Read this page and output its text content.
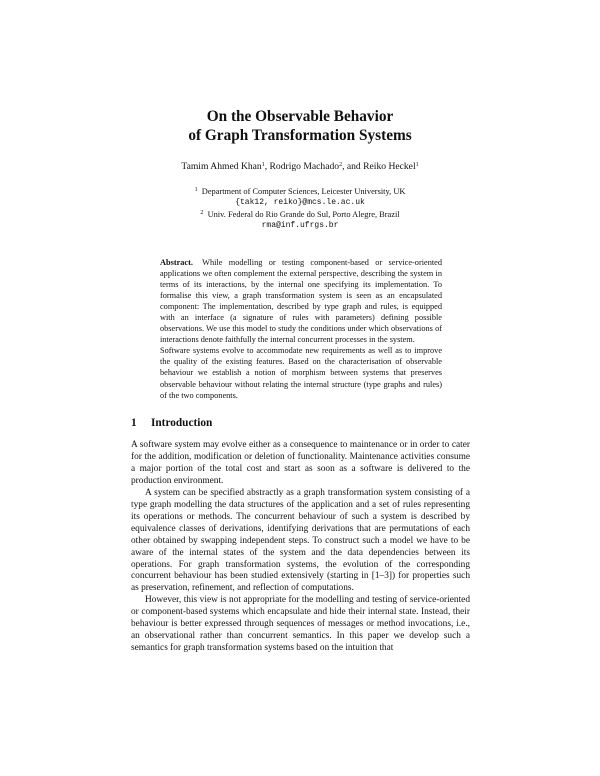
On the Observable Behavior
of Graph Transformation Systems
Tamim Ahmed Khan$^1$, Rodrigo Machado$^2$, and Reiko Heckel$^1$
$^1$ Department of Computer Sciences, Leicester University, UK
{tak12, reiko}@mcs.le.ac.uk
$^2$ Univ. Federal do Rio Grande do Sul, Porto Alegre, Brazil
rma@inf.ufrgs.br

Abstract. While modelling or testing component-based or service-oriented applications we often complement the external perspective, describing the system in terms of its interactions, by the internal one specifying its implementation. To formalise this view, a graph transformation system is seen as an encapsulated component: The implementation, described by type graph and rules, is equipped with an interface (a signature of rules with parameters) defining possible observations. We use this model to study the conditions under which observations of interactions denote faithfully the internal concurrent processes in the system.

Software systems evolve to accommodate new requirements as well as to improve the quality of the existing features. Based on the characterisation of observable behaviour we establish a notion of morphism between systems that preserves observable behaviour without relating the internal structure (type graphs and rules) of the two components.

1 Introduction

A software system may evolve either as a consequence to maintenance or in order to cater for the addition, modification or deletion of functionality. Maintenance activities consume a major portion of the total cost and start as soon as a software is delivered to the production environment.

A system can be specified abstractly as a graph transformation system consisting of a type graph modelling the data structures of the application and a set of rules representing its operations or methods. The concurrent behaviour of such a system is described by equivalence classes of derivations, identifying derivations that are permutations of each other obtained by swapping independent steps. To construct such a model we have to be aware of the internal states of the system and the data dependencies between its operations. For graph transformation systems, the evolution of the corresponding concurrent behaviour has been studied extensively (starting in [1–3]) for properties such as preservation, refinement, and reflection of computations.

However, this view is not appropriate for the modelling and testing of service-oriented or component-based systems which encapsulate and hide their internal state. Instead, their behaviour is better expressed through sequences of messages or method invocations, i.e., an observational rather than concurrent semantics. In this paper we develop such a semantics for graph transformation systems based on the intuition that
